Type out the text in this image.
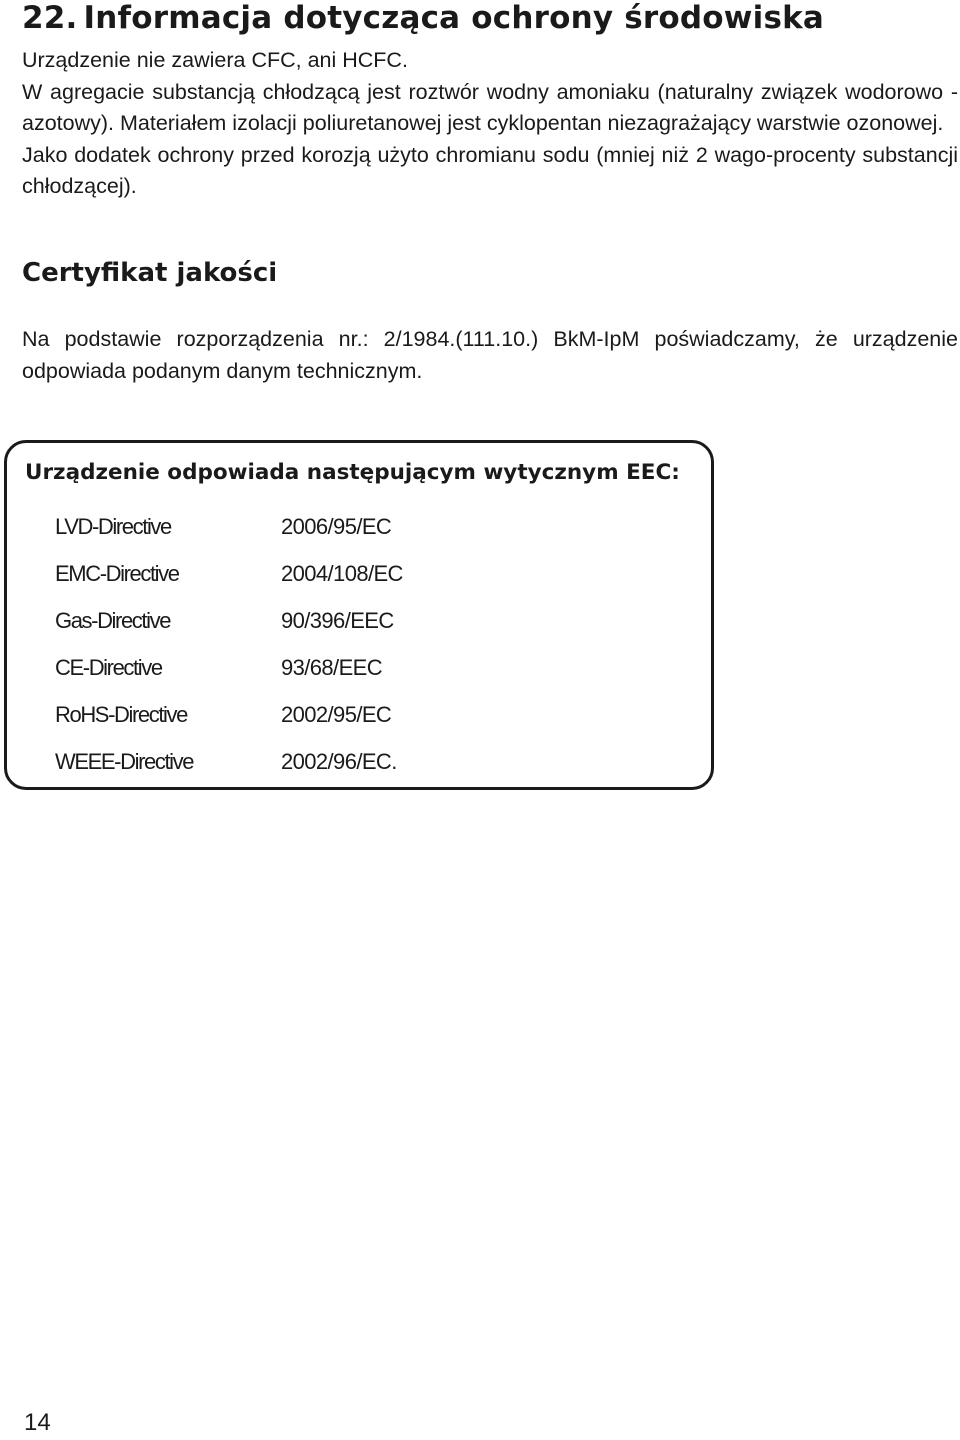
22. Informacja dotycząca ochrony środowiska
Urządzenie nie zawiera CFC, ani HCFC.
W agregacie substancją chłodzącą jest roztwór wodny amoniaku (naturalny związek wodorowo - azotowy). Materiałem izolacji poliuretanowej jest cyklopentan niezagrażający warstwie ozonowej.
Jako dodatek ochrony przed korozją użyto chromianu sodu (mniej niż 2 wago-procenty substancji chłodzącej).
Certyfikat jakości
Na podstawie rozporządzenia nr.: 2/1984.(111.10.) BkM-IpM poświadczamy, że urządzenie odpowiada podanym danym technicznym.
Urządzenie odpowiada następującym wytycznym EEC:
LVD-Directive	2006/95/EC
EMC-Directive	2004/108/EC
Gas-Directive	90/396/EEC
CE-Directive	93/68/EEC
RoHS-Directive	2002/95/EC
WEEE-Directive	2002/96/EC.
14
